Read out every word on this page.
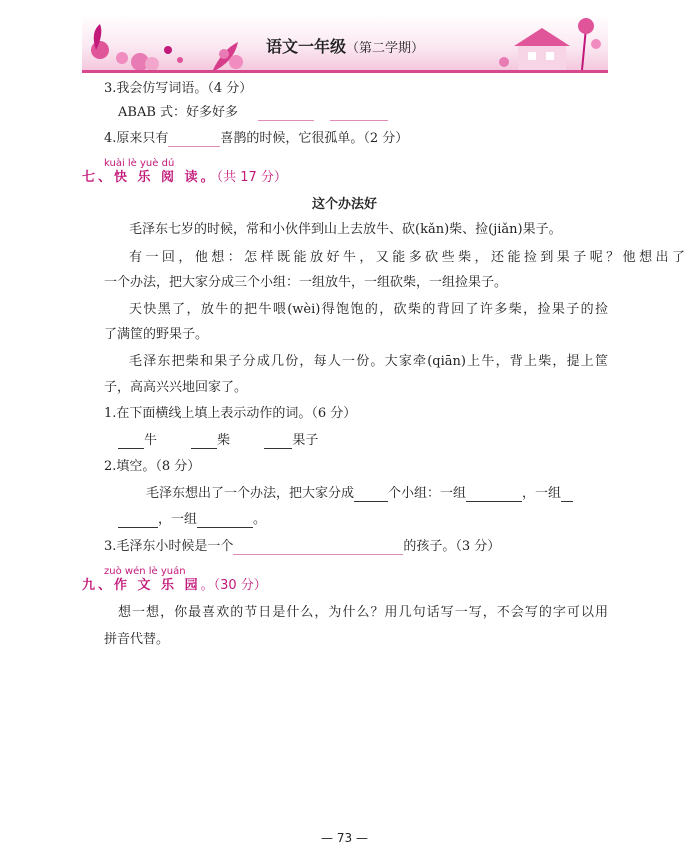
语文一年级（第二学期）
3.我会仿写词语。（4 分）
ABAB 式：好多好多
4.原来只有	喜鹊的时候，它很孤单。（2 分）
kuài lè yuè dú
七、快 乐 阅 读。（共 17 分）
这个办法好
毛泽东七岁的时候，常和小伙伴到山上去放牛、砍(kǎn)柴、捡(jiǎn)果子。
有一回，他想：怎样既能放好牛，又能多砍些柴，还能捡到果子呢？他想出了
一个办法，把大家分成三个小组：一组放牛，一组砍柴，一组捡果子。
天快黑了，放牛的把牛喂(wèi)得饱饱的，砍柴的背回了许多柴，捡果子的捡
了满筐的野果子。
毛泽东把柴和果子分成几份，每人一份。大家牵(qiān)上牛，背上柴，提上筐
子，高高兴兴地回家了。
1.在下面横线上填上表示动作的词。（6 分）
牛	柴	果子
2.填空。（8 分）
毛泽东想出了一个办法，把大家分成	个小组：一组	，一组
，一组	。
3.毛泽东小时候是一个	的孩子。（3 分）
zuò wén lè yuán
九、作 文 乐 园。（30 分）
想一想，你最喜欢的节日是什么，为什么？用几句话写一写，不会写的字可以用
拼音代替。
— 73 —
